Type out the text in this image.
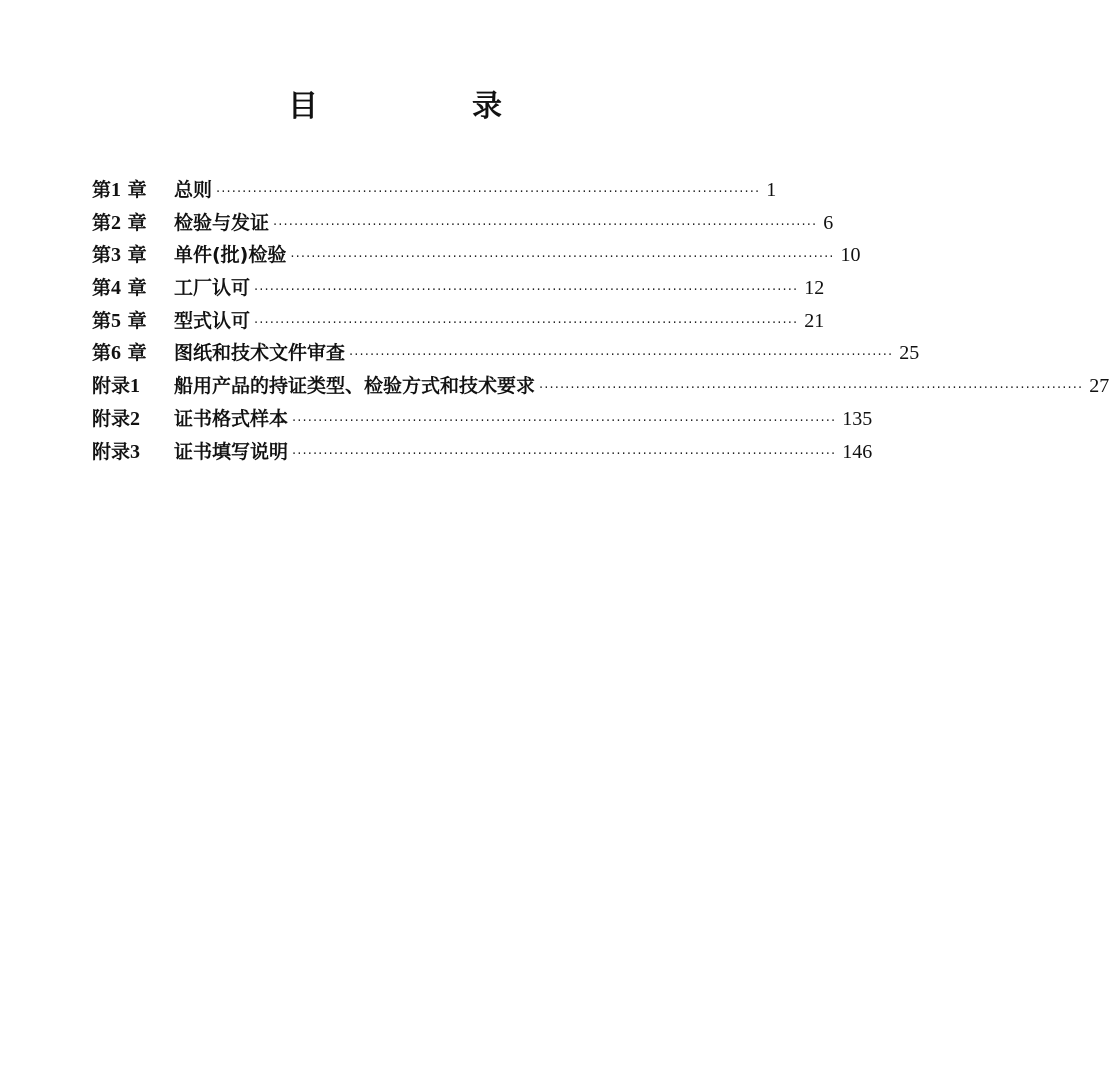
目　录
第1 章	总则 ········································································································ 1
第2 章	检验与发证 ········································································································ 6
第3 章	单件(批)检验 ········································································································ 10
第4 章	工厂认可 ········································································································ 12
第5 章	型式认可 ········································································································ 21
第6 章	图纸和技术文件审查 ········································································································ 25
附录1	船用产品的持证类型、检验方式和技术要求 ········································································································ 27
附录2	证书格式样本 ········································································································ 135
附录3	证书填写说明 ········································································································ 146
